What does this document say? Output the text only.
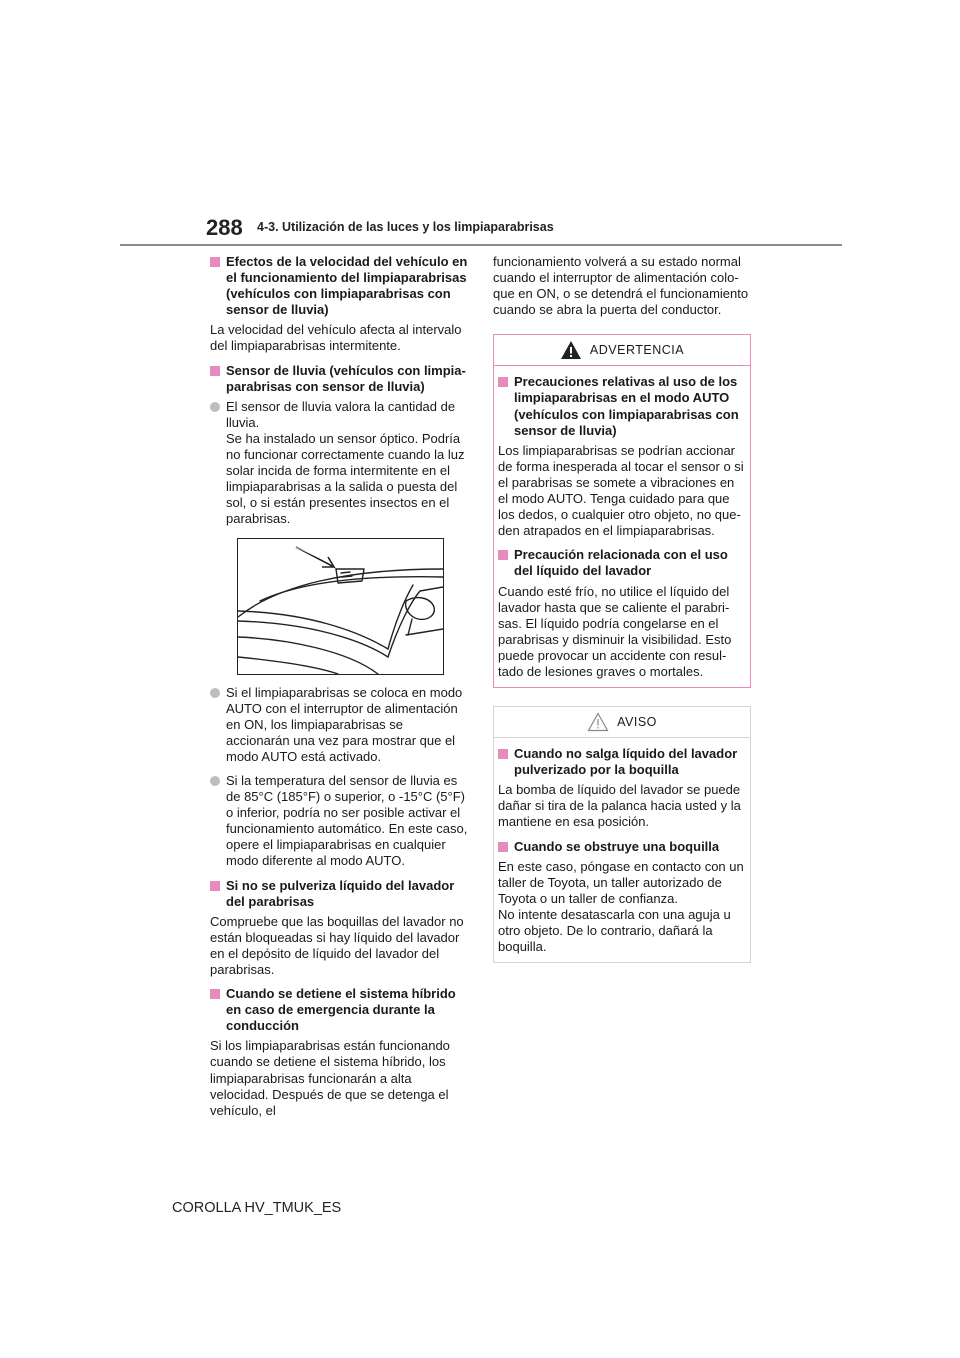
288 4-3. Utilización de las luces y los limpiaparabrisas
Efectos de la velocidad del vehículo en el funcionamiento del limpiaparabrisas (vehículos con limpiaparabrisas con sensor de lluvia)

La velocidad del vehículo afecta al intervalo del limpiaparabrisas intermitente.

Sensor de lluvia (vehículos con limpiaparabrisas con sensor de lluvia)
El sensor de lluvia valora la cantidad de lluvia.
Se ha instalado un sensor óptico. Podría no funcionar correctamente cuando la luz solar incida de forma intermitente en el limpiaparabrisas a la salida o puesta del sol, o si están presentes insectos en el parabrisas.
Si el limpiaparabrisas se coloca en modo AUTO con el interruptor de alimentación en ON, los limpiaparabrisas se accionarán una vez para mostrar que el modo AUTO está activado.
Si la temperatura del sensor de lluvia es de 85°C (185°F) o superior, o -15°C (5°F) o inferior, podría no ser posible activar el funcionamiento automático. En este caso, opere el limpiaparabrisas en cualquier modo diferente al modo AUTO.
Si no se pulveriza líquido del lavador del parabrisas

Compruebe que las boquillas del lavador no están bloqueadas si hay líquido del lavador en el depósito de líquido del lavador del parabrisas.

Cuando se detiene el sistema híbrido en caso de emergencia durante la conducción

Si los limpiaparabrisas están funcionando cuando se detiene el sistema híbrido, los limpiaparabrisas funcionarán a alta velocidad. Después de que se detenga el vehículo, el

funcionamiento volverá a su estado normal cuando el interruptor de alimentación coloque en ON, o se detendrá el funcionamiento cuando se abra la puerta del conductor.

ADVERTENCIA
Precauciones relativas al uso de los limpiaparabrisas en el modo AUTO (vehículos con limpiaparabrisas con sensor de lluvia)

Los limpiaparabrisas se podrían accionar de forma inesperada al tocar el sensor o si el parabrisas se somete a vibraciones en el modo AUTO. Tenga cuidado para que los dedos, o cualquier otro objeto, no queden atrapados en el limpiaparabrisas.

Precaución relacionada con el uso del líquido del lavador

Cuando esté frío, no utilice el líquido del lavador hasta que se caliente el parabrisas. El líquido podría congelarse en el parabrisas y disminuir la visibilidad. Esto puede provocar un accidente con resultado de lesiones graves o mortales.

AVISO
Cuando no salga líquido del lavador pulverizado por la boquilla

La bomba de líquido del lavador se puede dañar si tira de la palanca hacia usted y la mantiene en esa posición.

Cuando se obstruye una boquilla

En este caso, póngase en contacto con un taller de Toyota, un taller autorizado de Toyota o un taller de confianza.
No intente desatascarla con una aguja u otro objeto. De lo contrario, dañará la boquilla.

COROLLA HV_TMUK_ES
